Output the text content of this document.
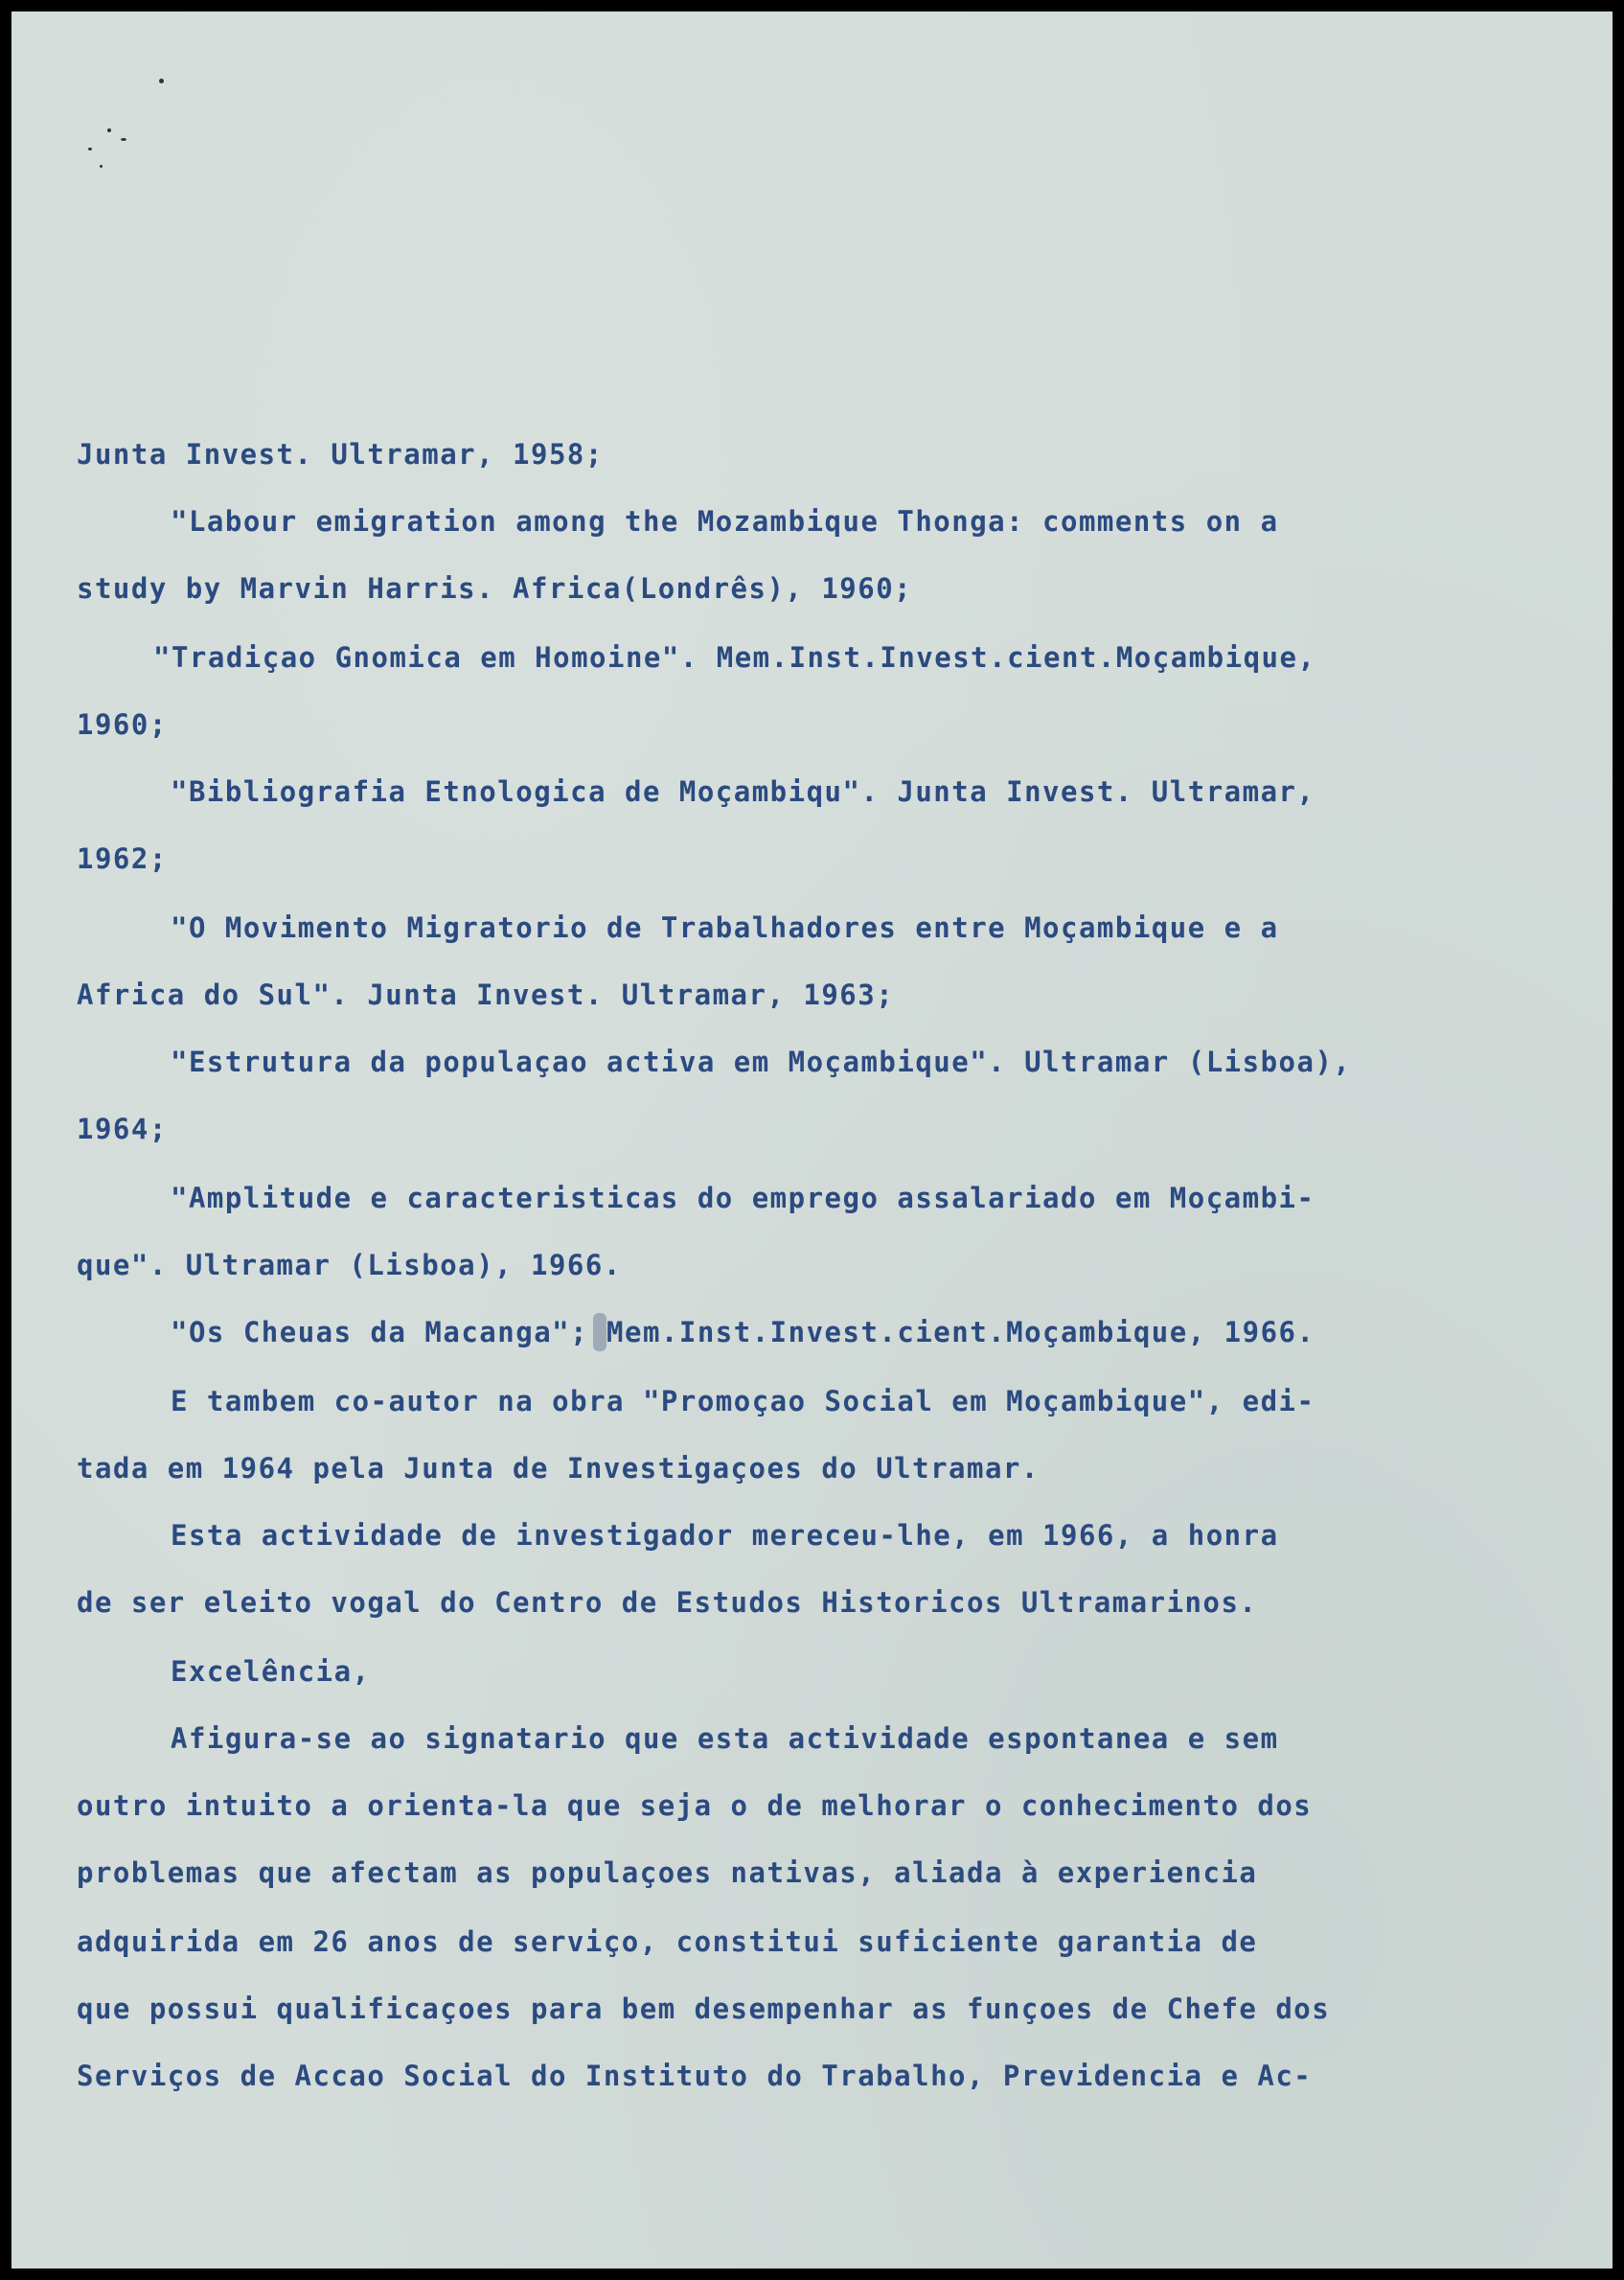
Junta Invest. Ultramar, 1958;
"Labour emigration among the Mozambique Thonga: comments on a
study by Marvin Harris. Africa(Londrês), 1960;
"Tradiçao Gnomica em Homoine". Mem.Inst.Invest.cient.Moçambique,
1960;
"Bibliografia Etnologica de Moçambiqu". Junta Invest. Ultramar,
1962;
"O Movimento Migratorio de Trabalhadores entre Moçambique e a
Africa do Sul". Junta Invest. Ultramar, 1963;
"Estrutura da populaçao activa em Moçambique". Ultramar (Lisboa),
1964;
"Amplitude e caracteristicas do emprego assalariado em Moçambi-
que". Ultramar (Lisboa), 1966.
"Os Cheuas da Macanga"; Mem.Inst.Invest.cient.Moçambique, 1966.
E tambem co-autor na obra "Promoçao Social em Moçambique", edi-
tada em 1964 pela Junta de Investigaçoes do Ultramar.
Esta actividade de investigador mereceu-lhe, em 1966, a honra
de ser eleito vogal do Centro de Estudos Historicos Ultramarinos.
Excelência,
Afigura-se ao signatario que esta actividade espontanea e sem
outro intuito a orienta-la que seja o de melhorar o conhecimento dos
problemas que afectam as populaçoes nativas, aliada à experiencia
adquirida em 26 anos de serviço, constitui suficiente garantia de
que possui qualificaçoes para bem desempenhar as funçoes de Chefe dos
Serviços de Accao Social do Instituto do Trabalho, Previdencia e Ac-
